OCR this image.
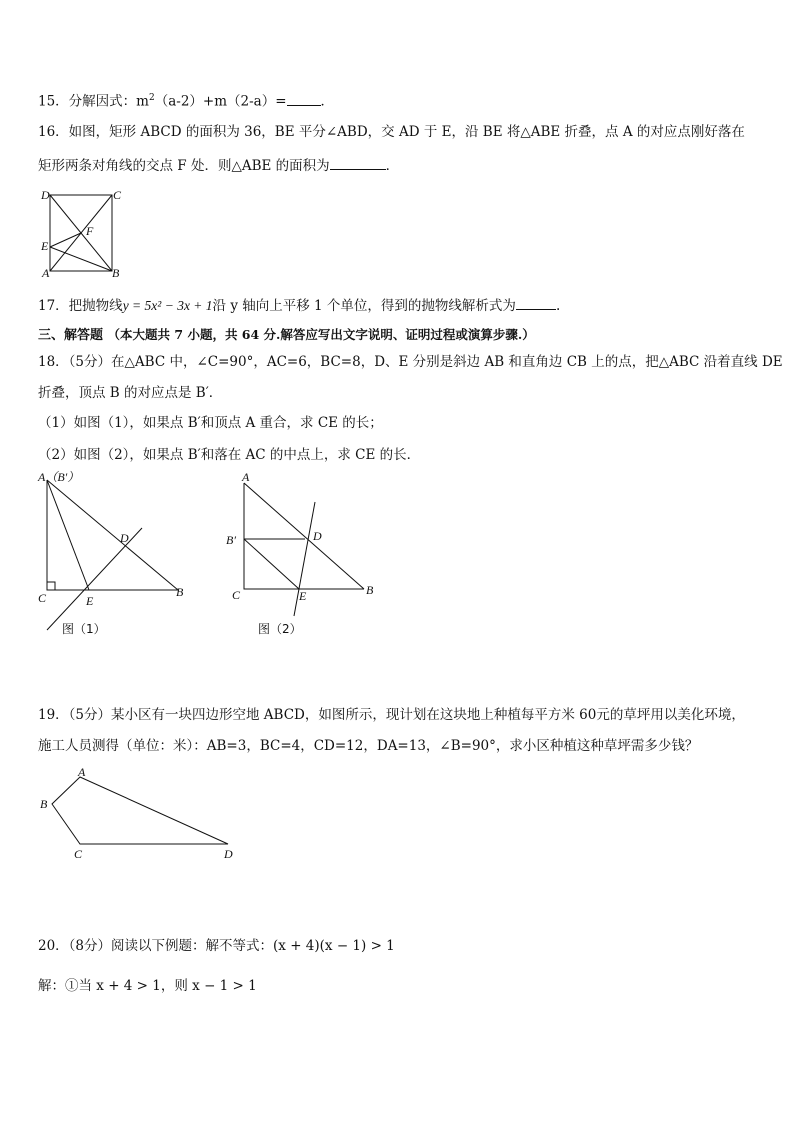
15．分解因式：$m^2(a-2)+m(2-a)=$	．
16．如图，矩形 ABCD 的面积为 36，BE 平分∠ABD，交 AD 于 E，沿 BE 将△ABE 折叠，点 A 的对应点刚好落在
矩形两条对角线的交点 F 处．则△ABE 的面积为	．
D	C
E
F
A	B
17．把抛物线y = 5x² − 3x + 1沿 y 轴向上平移 1 个单位，得到的抛物线解析式为	.
三、解答题 （本大题共 7 小题，共 64 分.解答应写出文字说明、证明过程或演算步骤.）
18．（5分）在△ABC 中，∠C=90°，AC=6，BC=8，D、E 分别是斜边 AB 和直角边 CB 上的点，把△ABC 沿着直线 DE
折叠，顶点 B 的对应点是 B′．
（1）如图（1），如果点 B′和顶点 A 重合，求 CE 的长；
（2）如图（2），如果点 B′和落在 AC 的中点上，求 CE 的长．
A（B′）
D
C	E
B
图（1）
A
B′	D
C	E	B
图（2）
19．（5分）某小区有一块四边形空地 ABCD，如图所示，现计划在这块地上种植每平方米 60元的草坪用以美化环境，
施工人员测得（单位：米）：AB=3，BC=4，CD=12，DA=13，∠B=90°，求小区种植这种草坪需多少钱？
A
B
C	D
20．（8分）阅读以下例题：解不等式：(x + 4)(x − 1) > 1
解：①当 x + 4 > 1，则 x − 1 > 1
